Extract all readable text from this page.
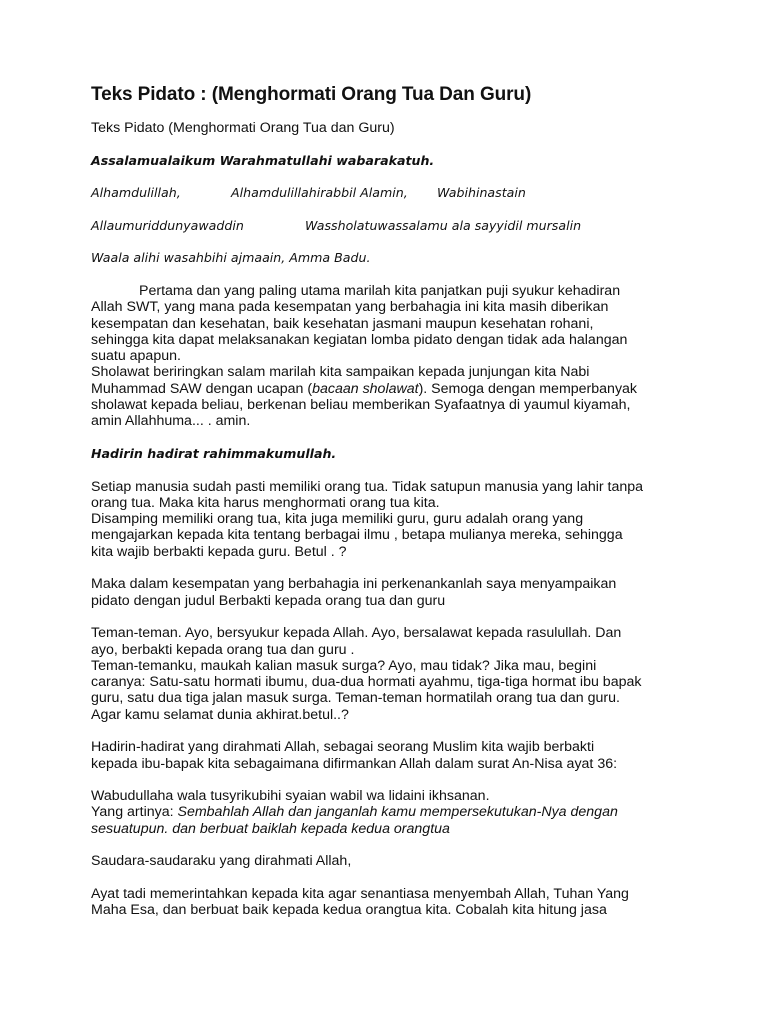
Teks Pidato : (Menghormati Orang Tua Dan Guru)
Teks Pidato (Menghormati Orang Tua dan Guru)
Assalamualaikum Warahmatullahi wabarakatuh.
Alhamdulillah,	Alhamdulillahirabbil Alamin,	Wabihinastain
Allaumuriddunyawaddin	Wassholatuwassalamu ala sayyidil mursalin
Waala alihi wasahbihi ajmaain, Amma Badu.
Pertama dan yang paling utama marilah kita panjatkan puji syukur kehadiran
Allah SWT, yang mana pada kesempatan yang berbahagia ini kita masih diberikan
kesempatan dan kesehatan, baik kesehatan jasmani maupun kesehatan rohani,
sehingga kita dapat melaksanakan kegiatan lomba pidato dengan tidak ada halangan
suatu apapun.
Sholawat beriringkan salam marilah kita sampaikan kepada junjungan kita Nabi
Muhammad SAW dengan ucapan (bacaan sholawat). Semoga dengan memperbanyak
sholawat kepada beliau, berkenan beliau memberikan Syafaatnya di yaumul kiyamah,
amin Allahhuma... . amin.
Hadirin hadirat rahimmakumullah.
Setiap manusia sudah pasti memiliki orang tua. Tidak satupun manusia yang lahir tanpa
orang tua. Maka kita harus menghormati orang tua kita.
Disamping memiliki orang tua, kita juga memiliki guru, guru adalah orang yang
mengajarkan kepada kita tentang berbagai ilmu , betapa mulianya mereka, sehingga
kita wajib berbakti kepada guru. Betul . ?
Maka dalam kesempatan yang berbahagia ini perkenankanlah saya menyampaikan
pidato dengan judul Berbakti kepada orang tua dan guru
Teman-teman. Ayo, bersyukur kepada Allah. Ayo, bersalawat kepada rasulullah. Dan
ayo, berbakti kepada orang tua dan guru .
Teman-temanku, maukah kalian masuk surga? Ayo, mau tidak? Jika mau, begini
caranya: Satu-satu hormati ibumu, dua-dua hormati ayahmu, tiga-tiga hormat ibu bapak
guru, satu dua tiga jalan masuk surga. Teman-teman hormatilah orang tua dan guru.
Agar kamu selamat dunia akhirat.betul..?
Hadirin-hadirat yang dirahmati Allah, sebagai seorang Muslim kita wajib berbakti
kepada ibu-bapak kita sebagaimana difirmankan Allah dalam surat An-Nisa ayat 36:
Wabudullaha wala tusyrikubihi syaian wabil wa lidaini ikhsanan.
Yang artinya: Sembahlah Allah dan janganlah kamu mempersekutukan-Nya dengan
sesuatupun. dan berbuat baiklah kepada kedua orangtua
Saudara-saudaraku yang dirahmati Allah,
Ayat tadi memerintahkan kepada kita agar senantiasa menyembah Allah, Tuhan Yang
Maha Esa, dan berbuat baik kepada kedua orangtua kita. Cobalah kita hitung jasa
